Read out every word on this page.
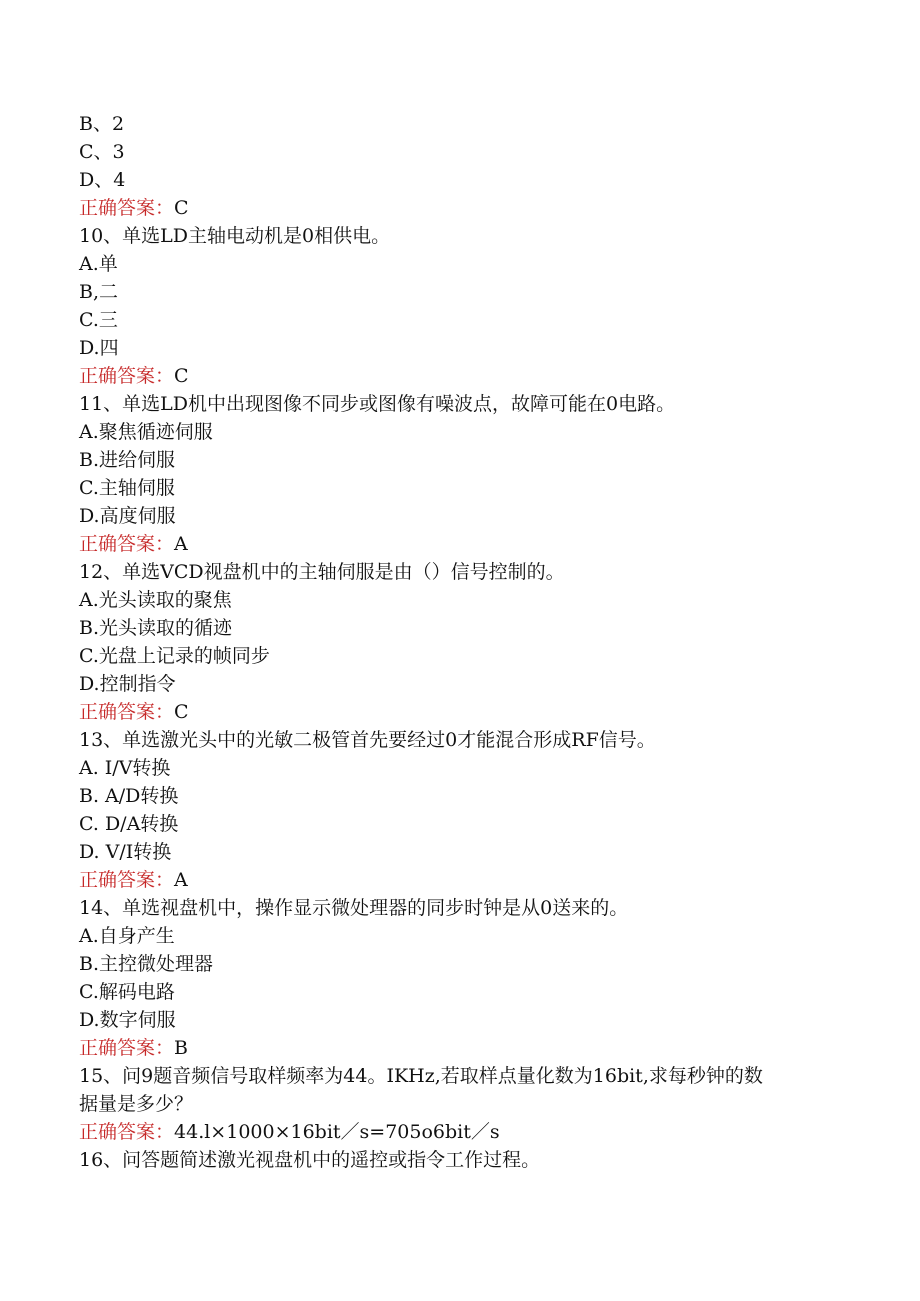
B、2
C、3
D、4
正确答案：C
10、单选LD主轴电动机是0相供电。
A.单
B,二
C.三
D.四
正确答案：C
11、单选LD机中出现图像不同步或图像有噪波点，故障可能在0电路。
A.聚焦循迹伺服
B.进给伺服
C.主轴伺服
D.高度伺服
正确答案：A
12、单选VCD视盘机中的主轴伺服是由（）信号控制的。
A.光头读取的聚焦
B.光头读取的循迹
C.光盘上记录的帧同步
D.控制指令
正确答案：C
13、单选激光头中的光敏二极管首先要经过0才能混合形成RF信号。
A. I/V转换
B. A/D转换
C. D/A转换
D. V/I转换
正确答案：A
14、单选视盘机中，操作显示微处理器的同步时钟是从0送来的。
A.自身产生
B.主控微处理器
C.解码电路
D.数字伺服
正确答案：B
15、问9题音频信号取样频率为44。IKHz,若取样点量化数为16bit,求每秒钟的数据量是多少？
正确答案：44.l×1000×16bit／s=705o6bit／s
16、问答题简述激光视盘机中的遥控或指令工作过程。
